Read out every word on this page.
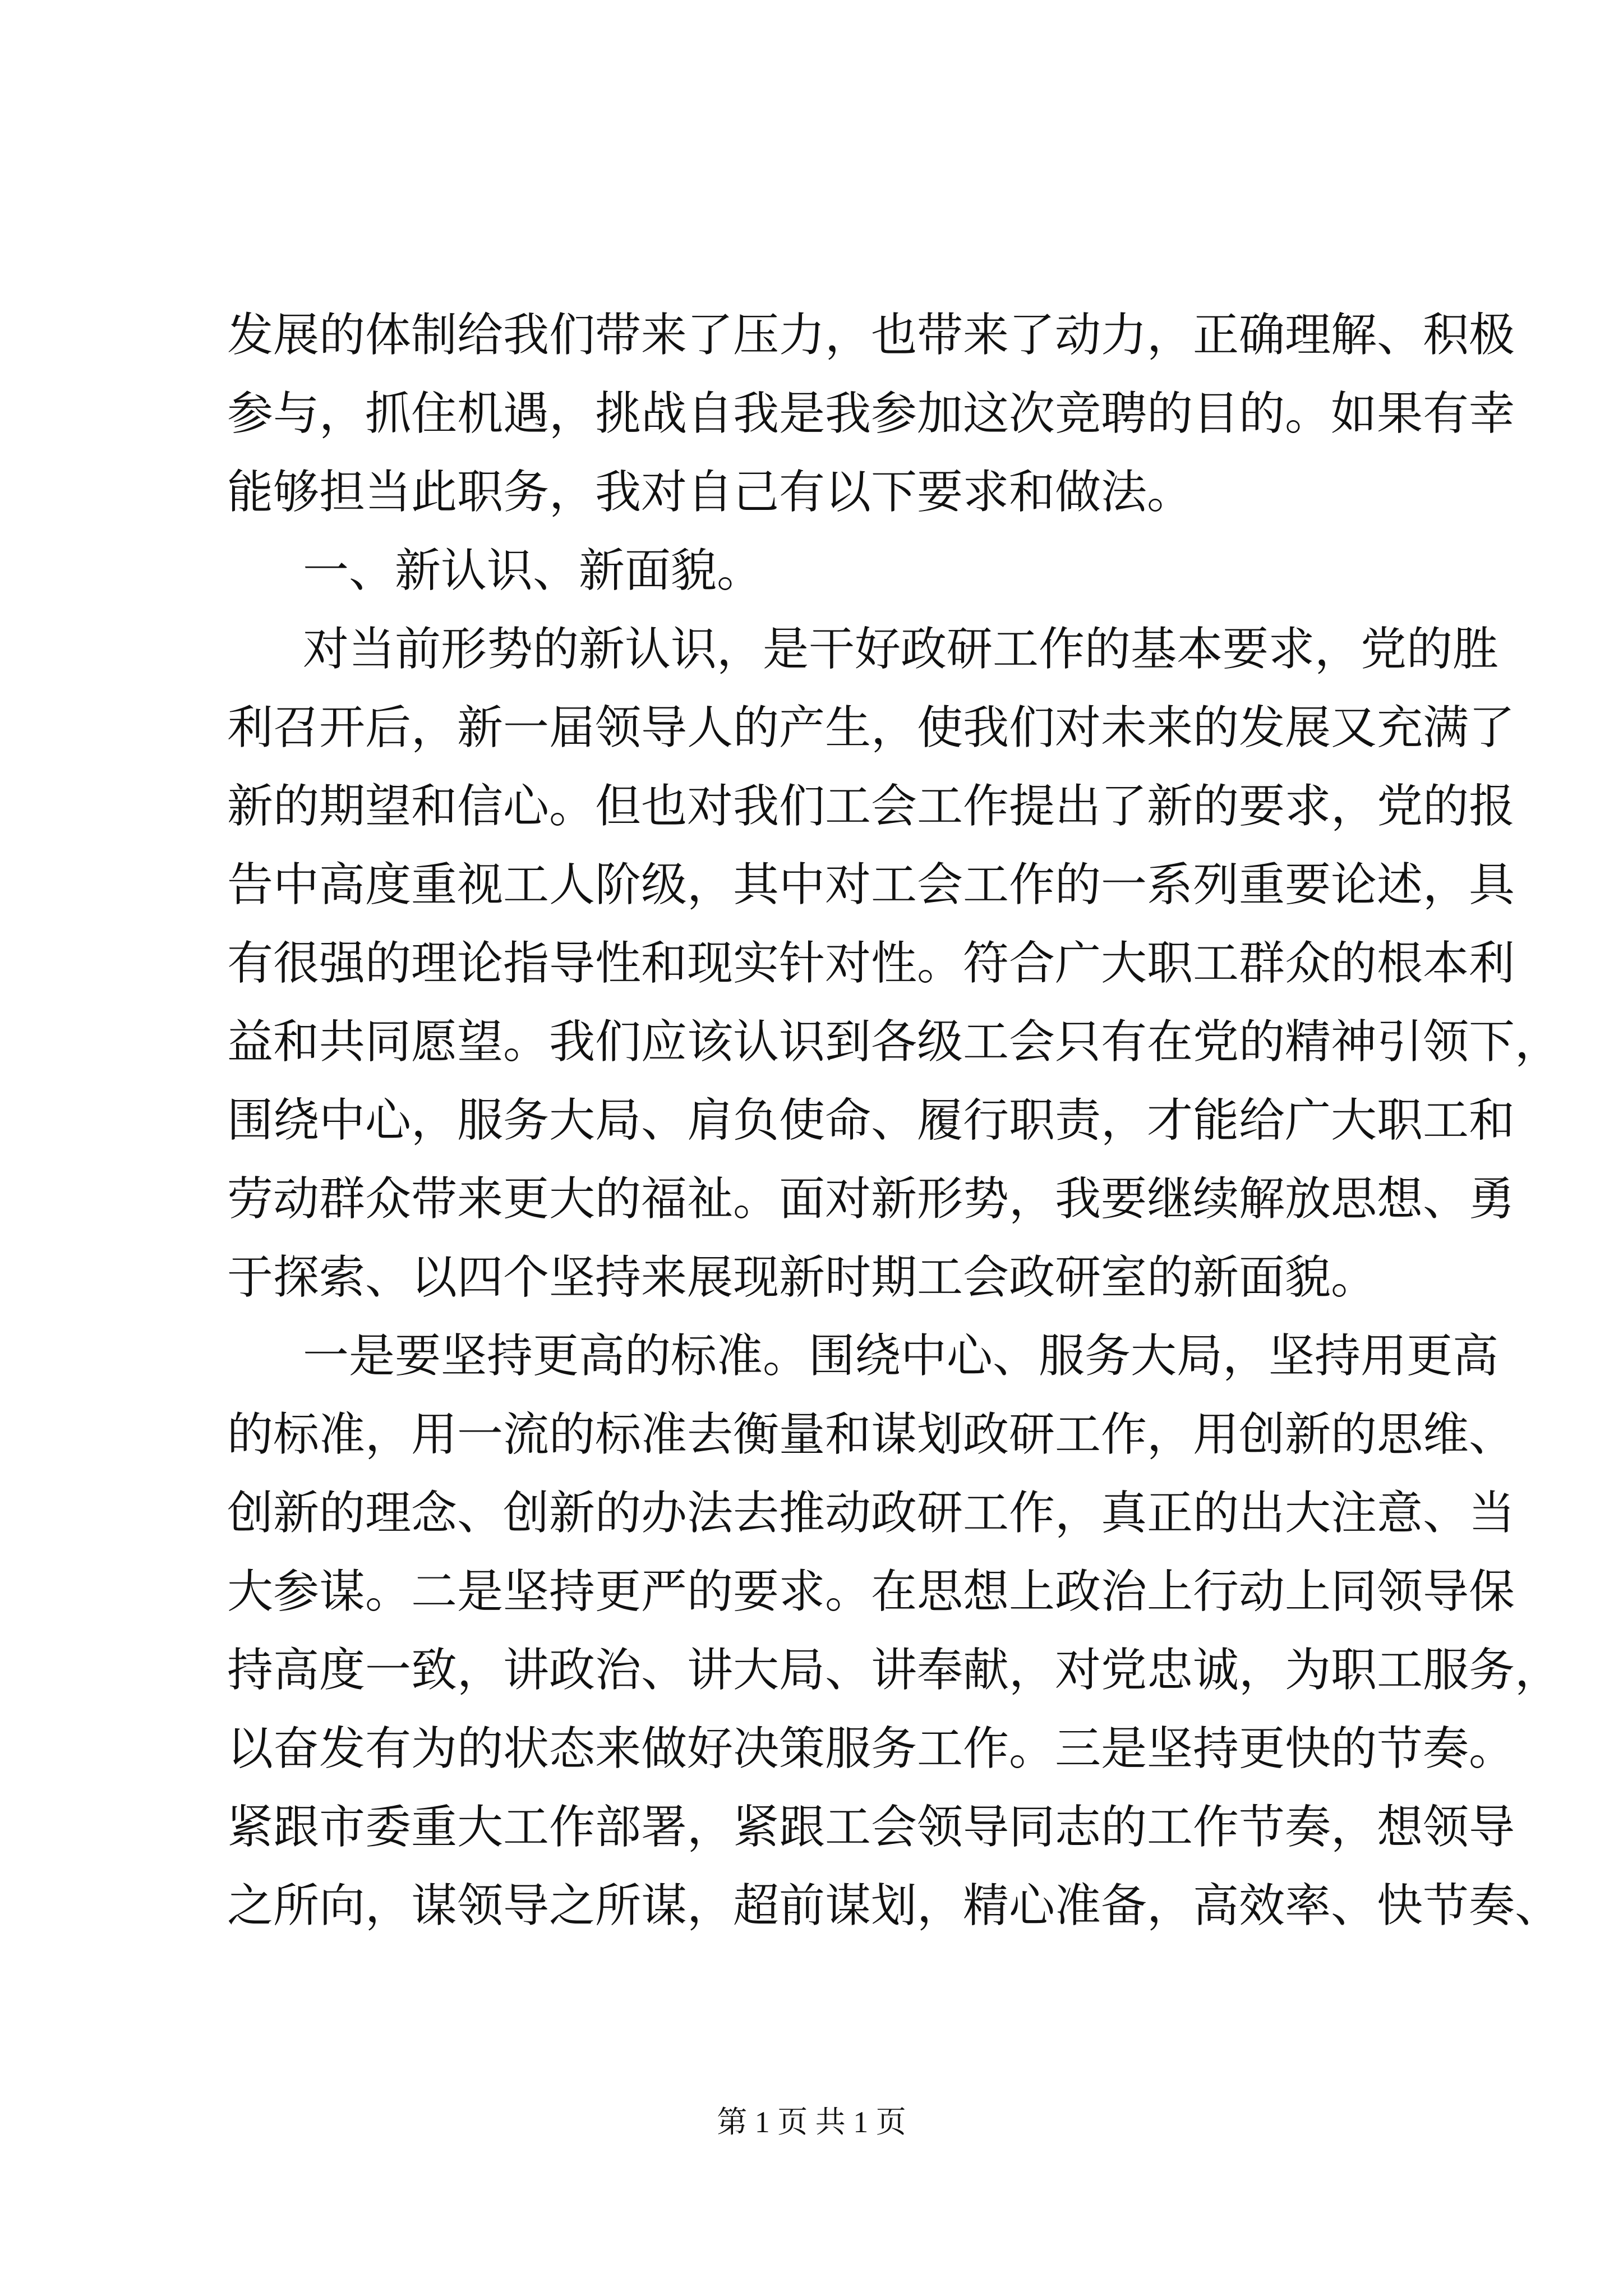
发展的体制给我们带来了压力，也带来了动力，正确理解、积极
参与，抓住机遇，挑战自我是我参加这次竞聘的目的。如果有幸
能够担当此职务，我对自己有以下要求和做法。
一、新认识、新面貌。
对当前形势的新认识，是干好政研工作的基本要求，党的胜
利召开后，新一届领导人的产生，使我们对未来的发展又充满了
新的期望和信心。但也对我们工会工作提出了新的要求，党的报
告中高度重视工人阶级，其中对工会工作的一系列重要论述，具
有很强的理论指导性和现实针对性。符合广大职工群众的根本利
益和共同愿望。我们应该认识到各级工会只有在党的精神引领下，
围绕中心，服务大局、肩负使命、履行职责，才能给广大职工和
劳动群众带来更大的福祉。面对新形势，我要继续解放思想、勇
于探索、以四个坚持来展现新时期工会政研室的新面貌。
一是要坚持更高的标准。围绕中心、服务大局，坚持用更高
的标准，用一流的标准去衡量和谋划政研工作，用创新的思维、
创新的理念、创新的办法去推动政研工作，真正的出大注意、当
大参谋。二是坚持更严的要求。在思想上政治上行动上同领导保
持高度一致，讲政治、讲大局、讲奉献，对党忠诚，为职工服务，
以奋发有为的状态来做好决策服务工作。三是坚持更快的节奏。
紧跟市委重大工作部署，紧跟工会领导同志的工作节奏，想领导
之所向，谋领导之所谋，超前谋划，精心准备，高效率、快节奏、
第 1 页 共 1 页
